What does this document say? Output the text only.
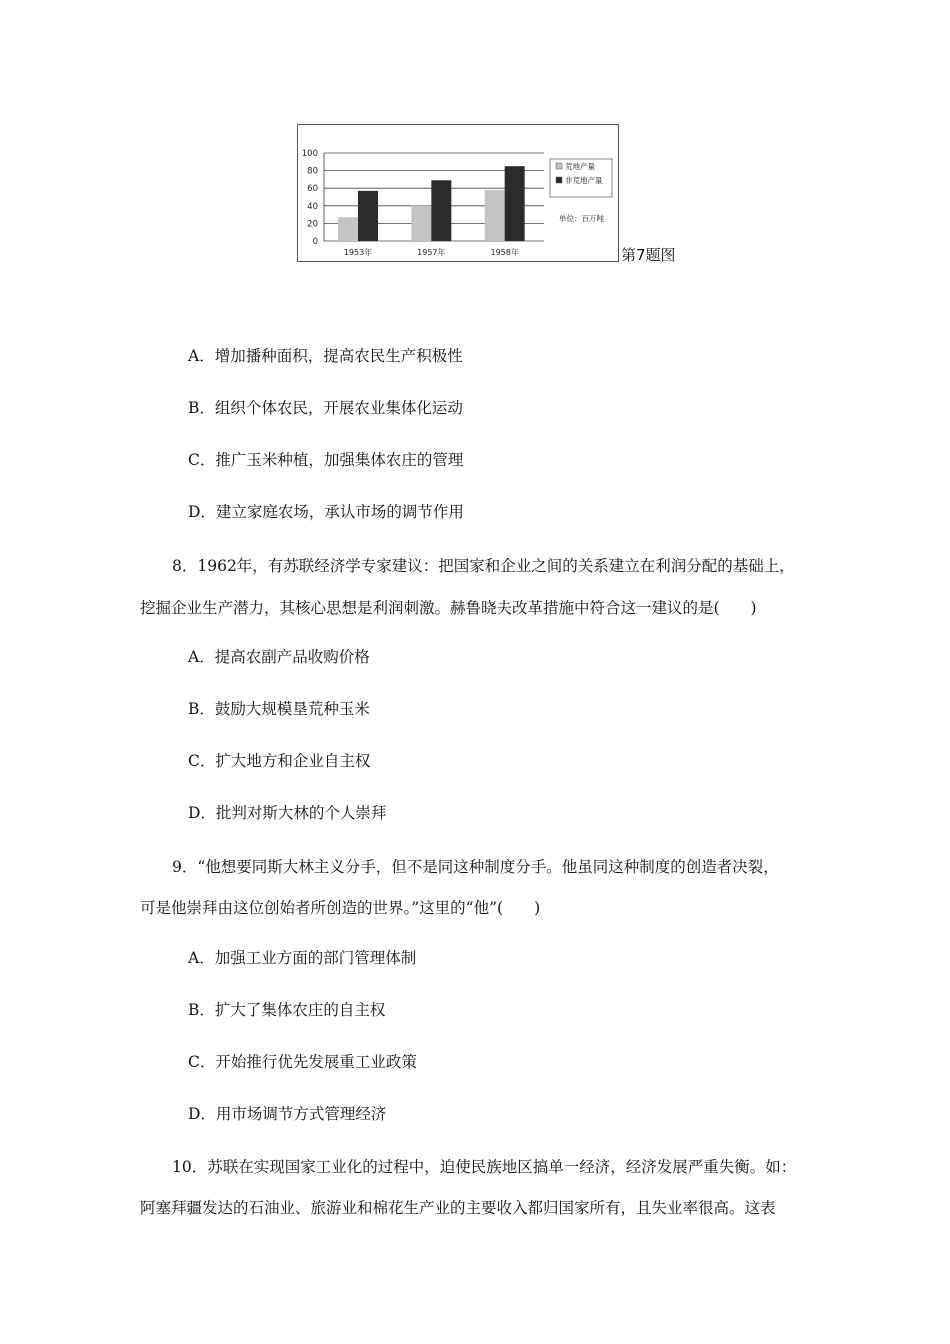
0
20
40
60
80
100
1953年	1957年	1958年
荒地产量
非荒地产量
单位：百万吨
第7题图
A．增加播种面积，提高农民生产积极性
B．组织个体农民，开展农业集体化运动
C．推广玉米种植，加强集体农庄的管理
D．建立家庭农场，承认市场的调节作用
8．1962年，有苏联经济学专家建议：把国家和企业之间的关系建立在利润分配的基础上，
挖掘企业生产潜力，其核心思想是利润刺激。赫鲁晓夫改革措施中符合这一建议的是(　　)
A．提高农副产品收购价格
B．鼓励大规模垦荒种玉米
C．扩大地方和企业自主权
D．批判对斯大林的个人崇拜
9．“他想要同斯大林主义分手，但不是同这种制度分手。他虽同这种制度的创造者决裂，
可是他崇拜由这位创始者所创造的世界。”这里的“他”(　　)
A．加强工业方面的部门管理体制
B．扩大了集体农庄的自主权
C．开始推行优先发展重工业政策
D．用市场调节方式管理经济
10．苏联在实现国家工业化的过程中，迫使民族地区搞单一经济，经济发展严重失衡。如：
阿塞拜疆发达的石油业、旅游业和棉花生产业的主要收入都归国家所有，且失业率很高。这表
